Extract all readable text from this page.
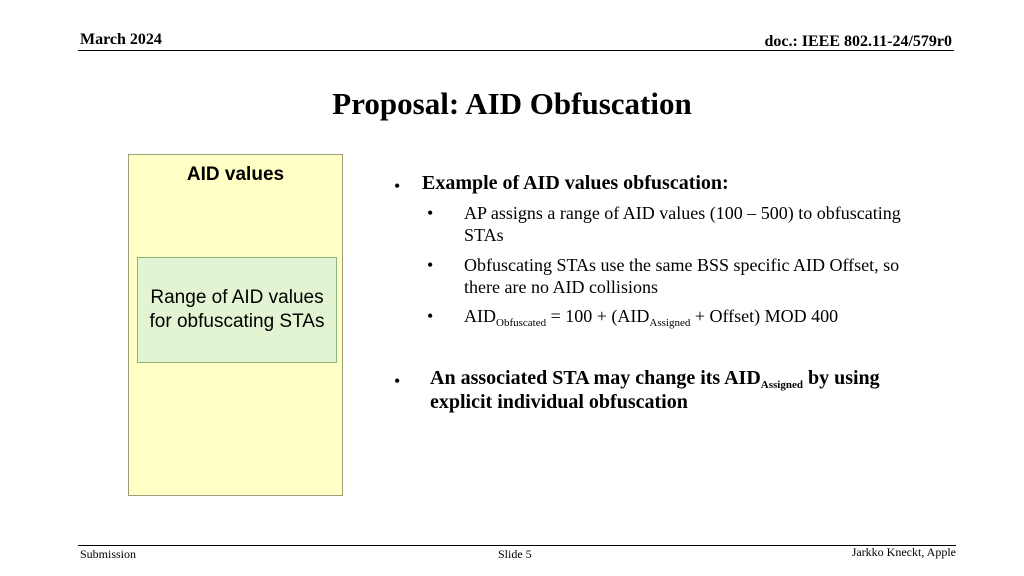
March 2024	doc.: IEEE 802.11-24/579r0
Proposal: AID Obfuscation
AID values
Range of AID values for obfuscating STAs
• Example of AID values obfuscation:
• AP assigns a range of AID values (100 – 500) to obfuscating STAs
• Obfuscating STAs use the same BSS specific AID Offset, so there are no AID collisions
• $AID_{Obfuscated} = 100 + (AID_{Assigned}$ + Offset) MOD 400
• An associated STA may change its $AID_{Assigned}$ by using explicit individual obfuscation
Submission	Slide 5	Jarkko Kneckt, Apple
